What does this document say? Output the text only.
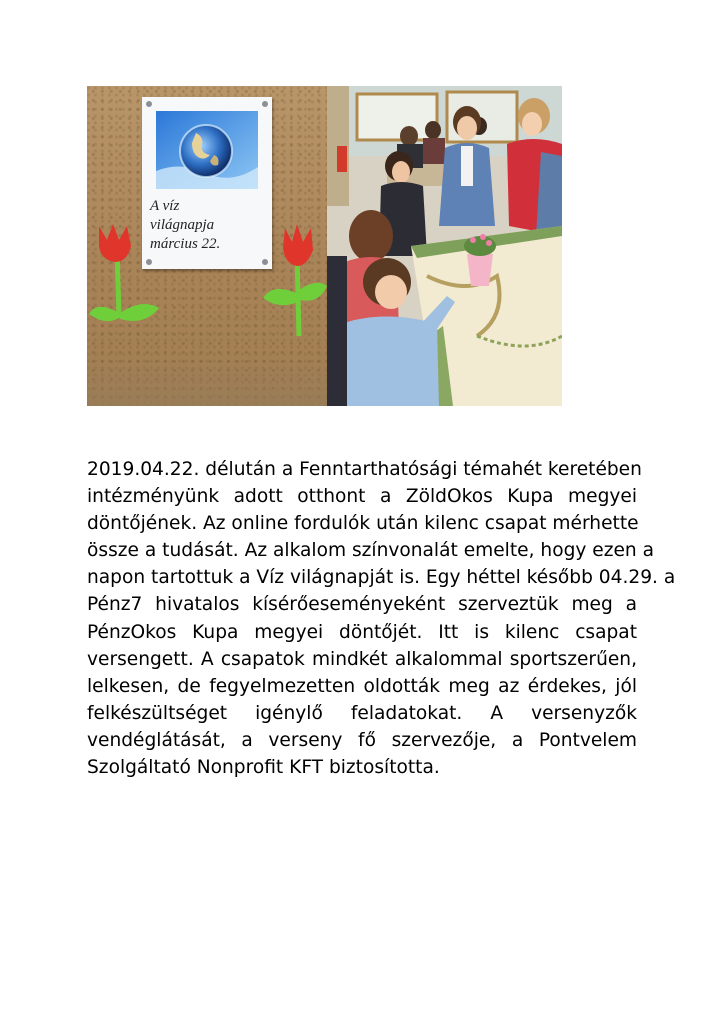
A víz
világnapja
március 22.
2019.04.22. délután a Fenntarthatósági témahét keretében
intézményünk adott otthont a ZöldOkos Kupa megyei
döntőjének. Az online fordulók után kilenc csapat mérhette
össze a tudását. Az alkalom színvonalát emelte, hogy ezen a
napon tartottuk a Víz világnapját is. Egy héttel később 04.29. a
Pénz7 hivatalos kísérőeseményeként szerveztük meg a
PénzOkos Kupa megyei döntőjét. Itt is kilenc csapat
versengett. A csapatok mindkét alkalommal sportszerűen,
lelkesen, de fegyelmezetten oldották meg az érdekes, jól
felkészültséget igénylő feladatokat. A versenyzők
vendéglátását, a verseny fő szervezője, a Pontvelem
Szolgáltató Nonprofit KFT biztosította.
